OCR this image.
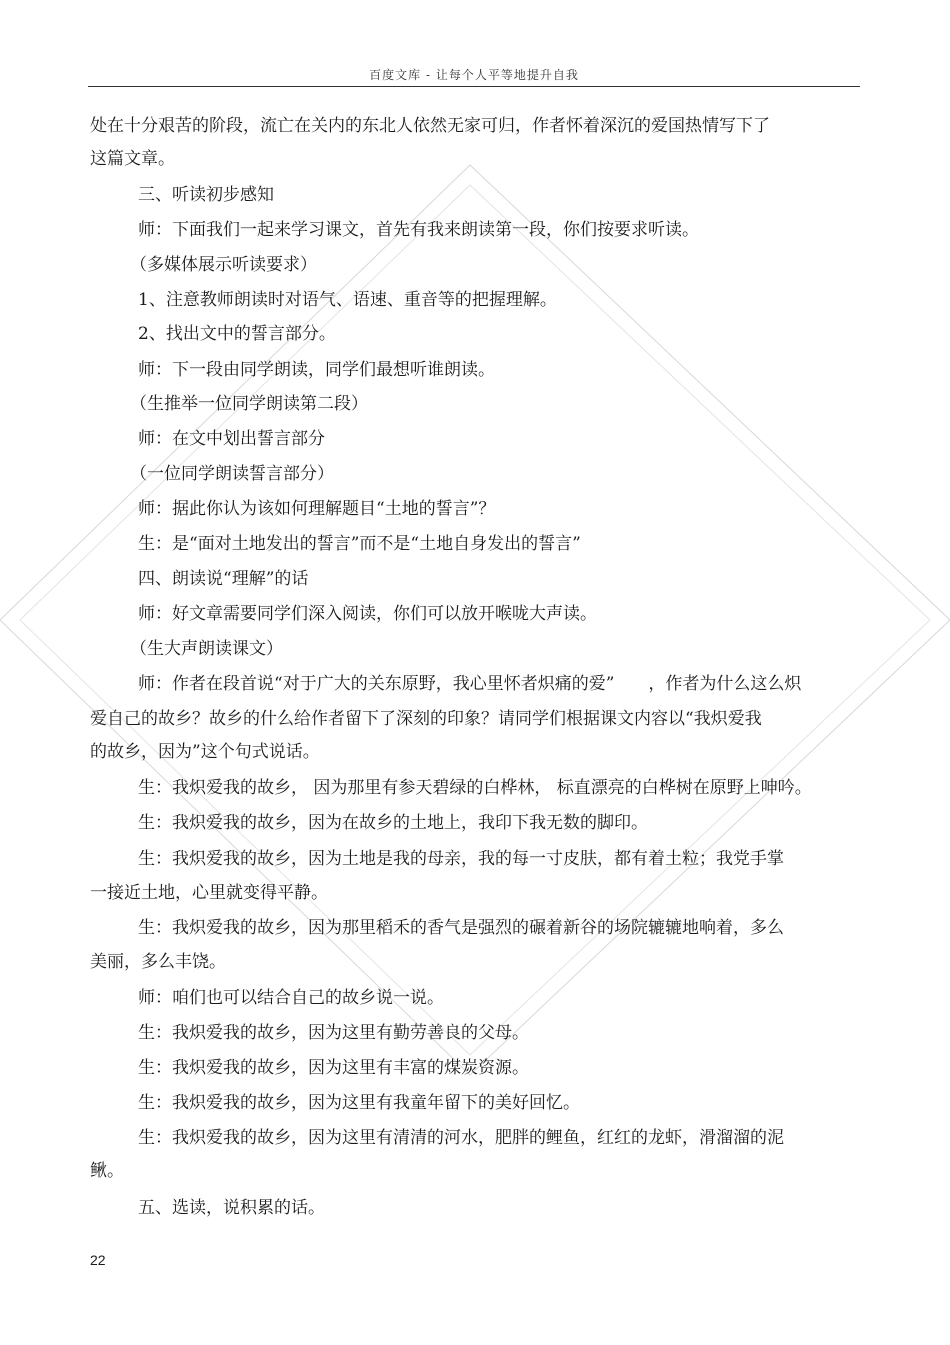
百度文库 - 让每个人平等地提升自我
处在十分艰苦的阶段，流亡在关内的东北人依然无家可归，作者怀着深沉的爱国热情写下了
这篇文章。
三、听读初步感知
师：下面我们一起来学习课文，首先有我来朗读第一段，你们按要求听读。
（多媒体展示听读要求）
1、注意教师朗读时对语气、语速、重音等的把握理解。
2、找出文中的誓言部分。
师：下一段由同学朗读，同学们最想听谁朗读。
（生推举一位同学朗读第二段）
师：在文中划出誓言部分
（一位同学朗读誓言部分）
师：据此你认为该如何理解题目“土地的誓言”？
生：是“面对土地发出的誓言”而不是“土地自身发出的誓言”
四、朗读说“理解”的话
师：好文章需要同学们深入阅读，你们可以放开喉咙大声读。
（生大声朗读课文）
师：作者在段首说“对于广大的关东原野，我心里怀者炽痛的爱”　　，作者为什么这么炽
爱自己的故乡？故乡的什么给作者留下了深刻的印象？请同学们根据课文内容以“我炽爱我
的故乡，因为”这个句式说话。
生：我炽爱我的故乡， 因为那里有参天碧绿的白桦林， 标直漂亮的白桦树在原野上呻吟。
生：我炽爱我的故乡，因为在故乡的土地上，我印下我无数的脚印。
生：我炽爱我的故乡，因为土地是我的母亲，我的每一寸皮肤，都有着土粒；我党手掌
一接近土地，心里就变得平静。
生：我炽爱我的故乡，因为那里稻禾的香气是强烈的碾着新谷的场院辘辘地响着，多么
美丽，多么丰饶。
师：咱们也可以结合自己的故乡说一说。
生：我炽爱我的故乡，因为这里有勤劳善良的父母。
生：我炽爱我的故乡，因为这里有丰富的煤炭资源。
生：我炽爱我的故乡，因为这里有我童年留下的美好回忆。
生：我炽爱我的故乡，因为这里有清清的河水，肥胖的鲤鱼，红红的龙虾，滑溜溜的泥
鳅。
五、选读，说积累的话。
22
